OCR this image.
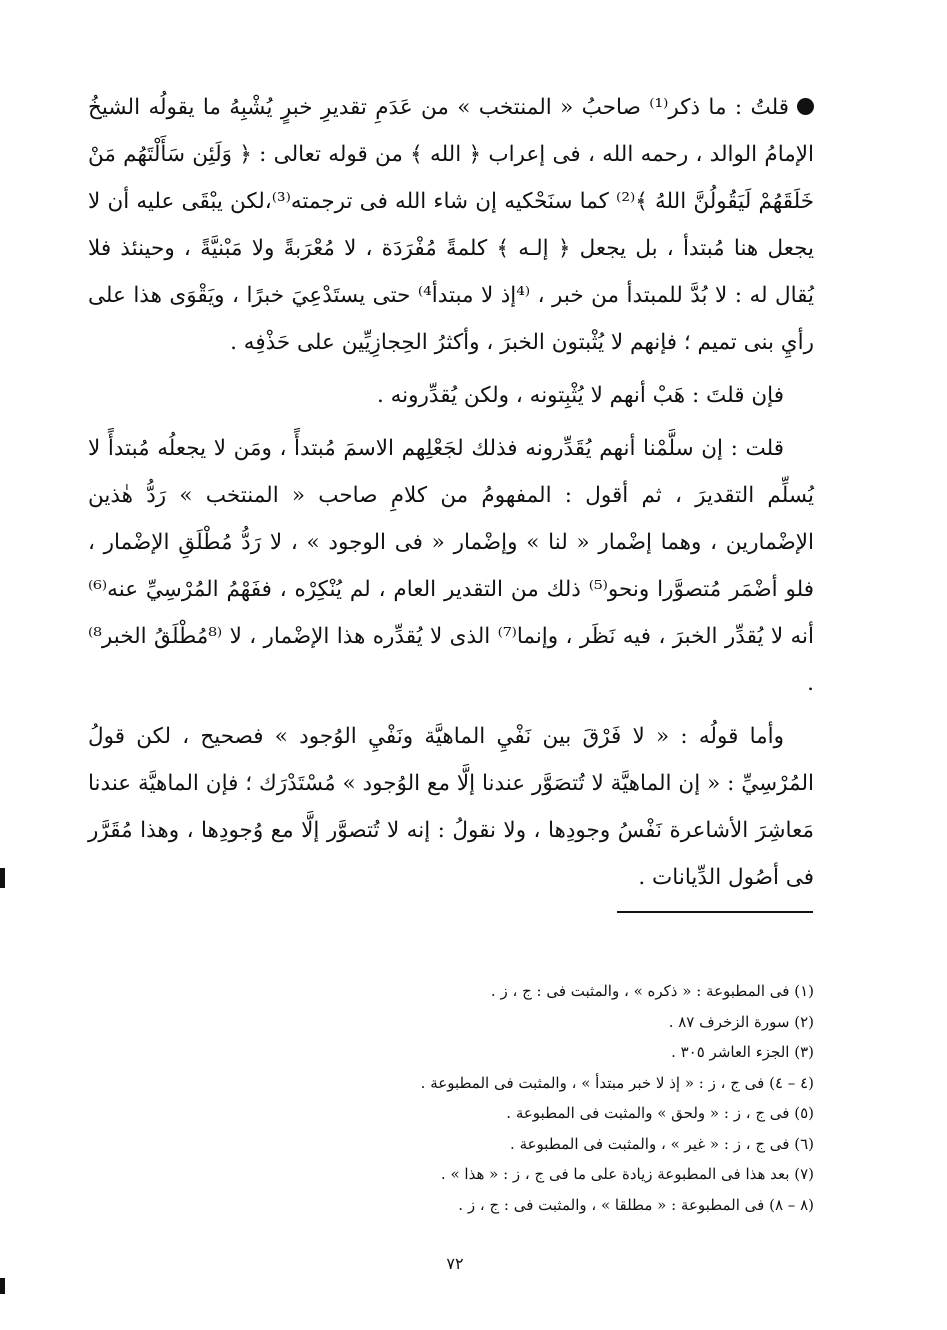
قلتُ : ما ذكر⁽¹⁾ صاحبُ « المنتخب » من عَدَمِ تقديرِ خبرٍ يُشْبِهُ ما يقولُه الشيخُ الإمامُ الوالد ، رحمه الله ، فى إعراب ﴿ الله ﴾ من قوله تعالى : ﴿ وَلَئِن سَأَلْتَهُم مَنْ خَلَقَهُمْ لَيَقُولُنَّ اللهُ ﴾⁽²⁾ كما سنَحْكيه إن شاء الله فى ترجمته⁽³⁾،لكن يبْقَى عليه أن لا يجعل هنا مُبتدأ ، بل يجعل ﴿ إلـه ﴾ كلمةً مُفْرَدَة ، لا مُعْرَبةً ولا مَبْنيَّةً ، وحينئذ فلا يُقال له : لا بُدَّ للمبتدأ من خبر ، ⁽⁴إذ لا مبتدأ⁴⁾ حتى يستَدْعِيَ خبرًا ، ويَقْوَى هذا على رأيِ بنى تميم ؛ فإنهم لا يُثْبتون الخبرَ ، وأكثرُ الحِجازِيِّين على حَذْفِه .

فإن قلتَ : هَبْ أنهم لا يُثْبِتونه ، ولكن يُقدِّرونه .

قلت : إن سلَّمْنا أنهم يُقَدِّرونه فذلك لجَعْلِهم الاسمَ مُبتدأً ، ومَن لا يجعلُه مُبتدأً لا يُسلِّم التقديرَ ، ثم أقول : المفهومُ من كلامِ صاحب « المنتخب » رَدُّ هٰذين الإضْمارين ، وهما إضْمار « لنا » وإضْمار « فى الوجود » ، لا رَدُّ مُطْلَقِ الإضْمار ، فلو أضْمَر مُتصوَّرا ونحو⁽⁵⁾ ذلك من التقدير العام ، لم يُنْكِرْه ، ففَهْمُ المُرْسِيِّ عنه⁽⁶⁾ أنه لا يُقدِّر الخبرَ ، فيه نَظَر ، وإنما⁽⁷⁾ الذى لا يُقدِّره هذا الإضْمار ، لا ⁽⁸مُطْلَقُ الخبر⁸⁾ .

وأما قولُه : « لا فَرْقَ بين نَفْيِ الماهيَّة ونَفْيِ الوُجود » فصحيح ، لكن قولُ المُرْسِيِّ : « إن الماهيَّة لا تُتصَوَّر عندنا إلَّا مع الوُجود » مُسْتَدْرَك ؛ فإن الماهيَّة عندنا مَعاشِرَ الأشاعرة نَفْسُ وجودِها ، ولا نقولُ : إنه لا تُتصوَّر إلَّا مع وُجودِها ، وهذا مُقَرَّر فى أصُول الدِّيانات .

(١) فى المطبوعة : « ذكره » ، والمثبت فى : ج ، ز .

(٢) سورة الزخرف ٨٧ .

(٣) الجزء العاشر ٣٠٥ .

(٤ – ٤) فى ج ، ز : « إذ لا خبر مبتدأ » ، والمثبت فى المطبوعة .

(٥) فى ج ، ز : « ولحق » والمثبت فى المطبوعة .

(٦) فى ج ، ز : « غير » ، والمثبت فى المطبوعة .

(٧) بعد هذا فى المطبوعة زيادة على ما فى ج ، ز : « هذا » .

(٨ – ٨) فى المطبوعة : « مطلقا » ، والمثبت فى : ج ، ز .

٧٢
